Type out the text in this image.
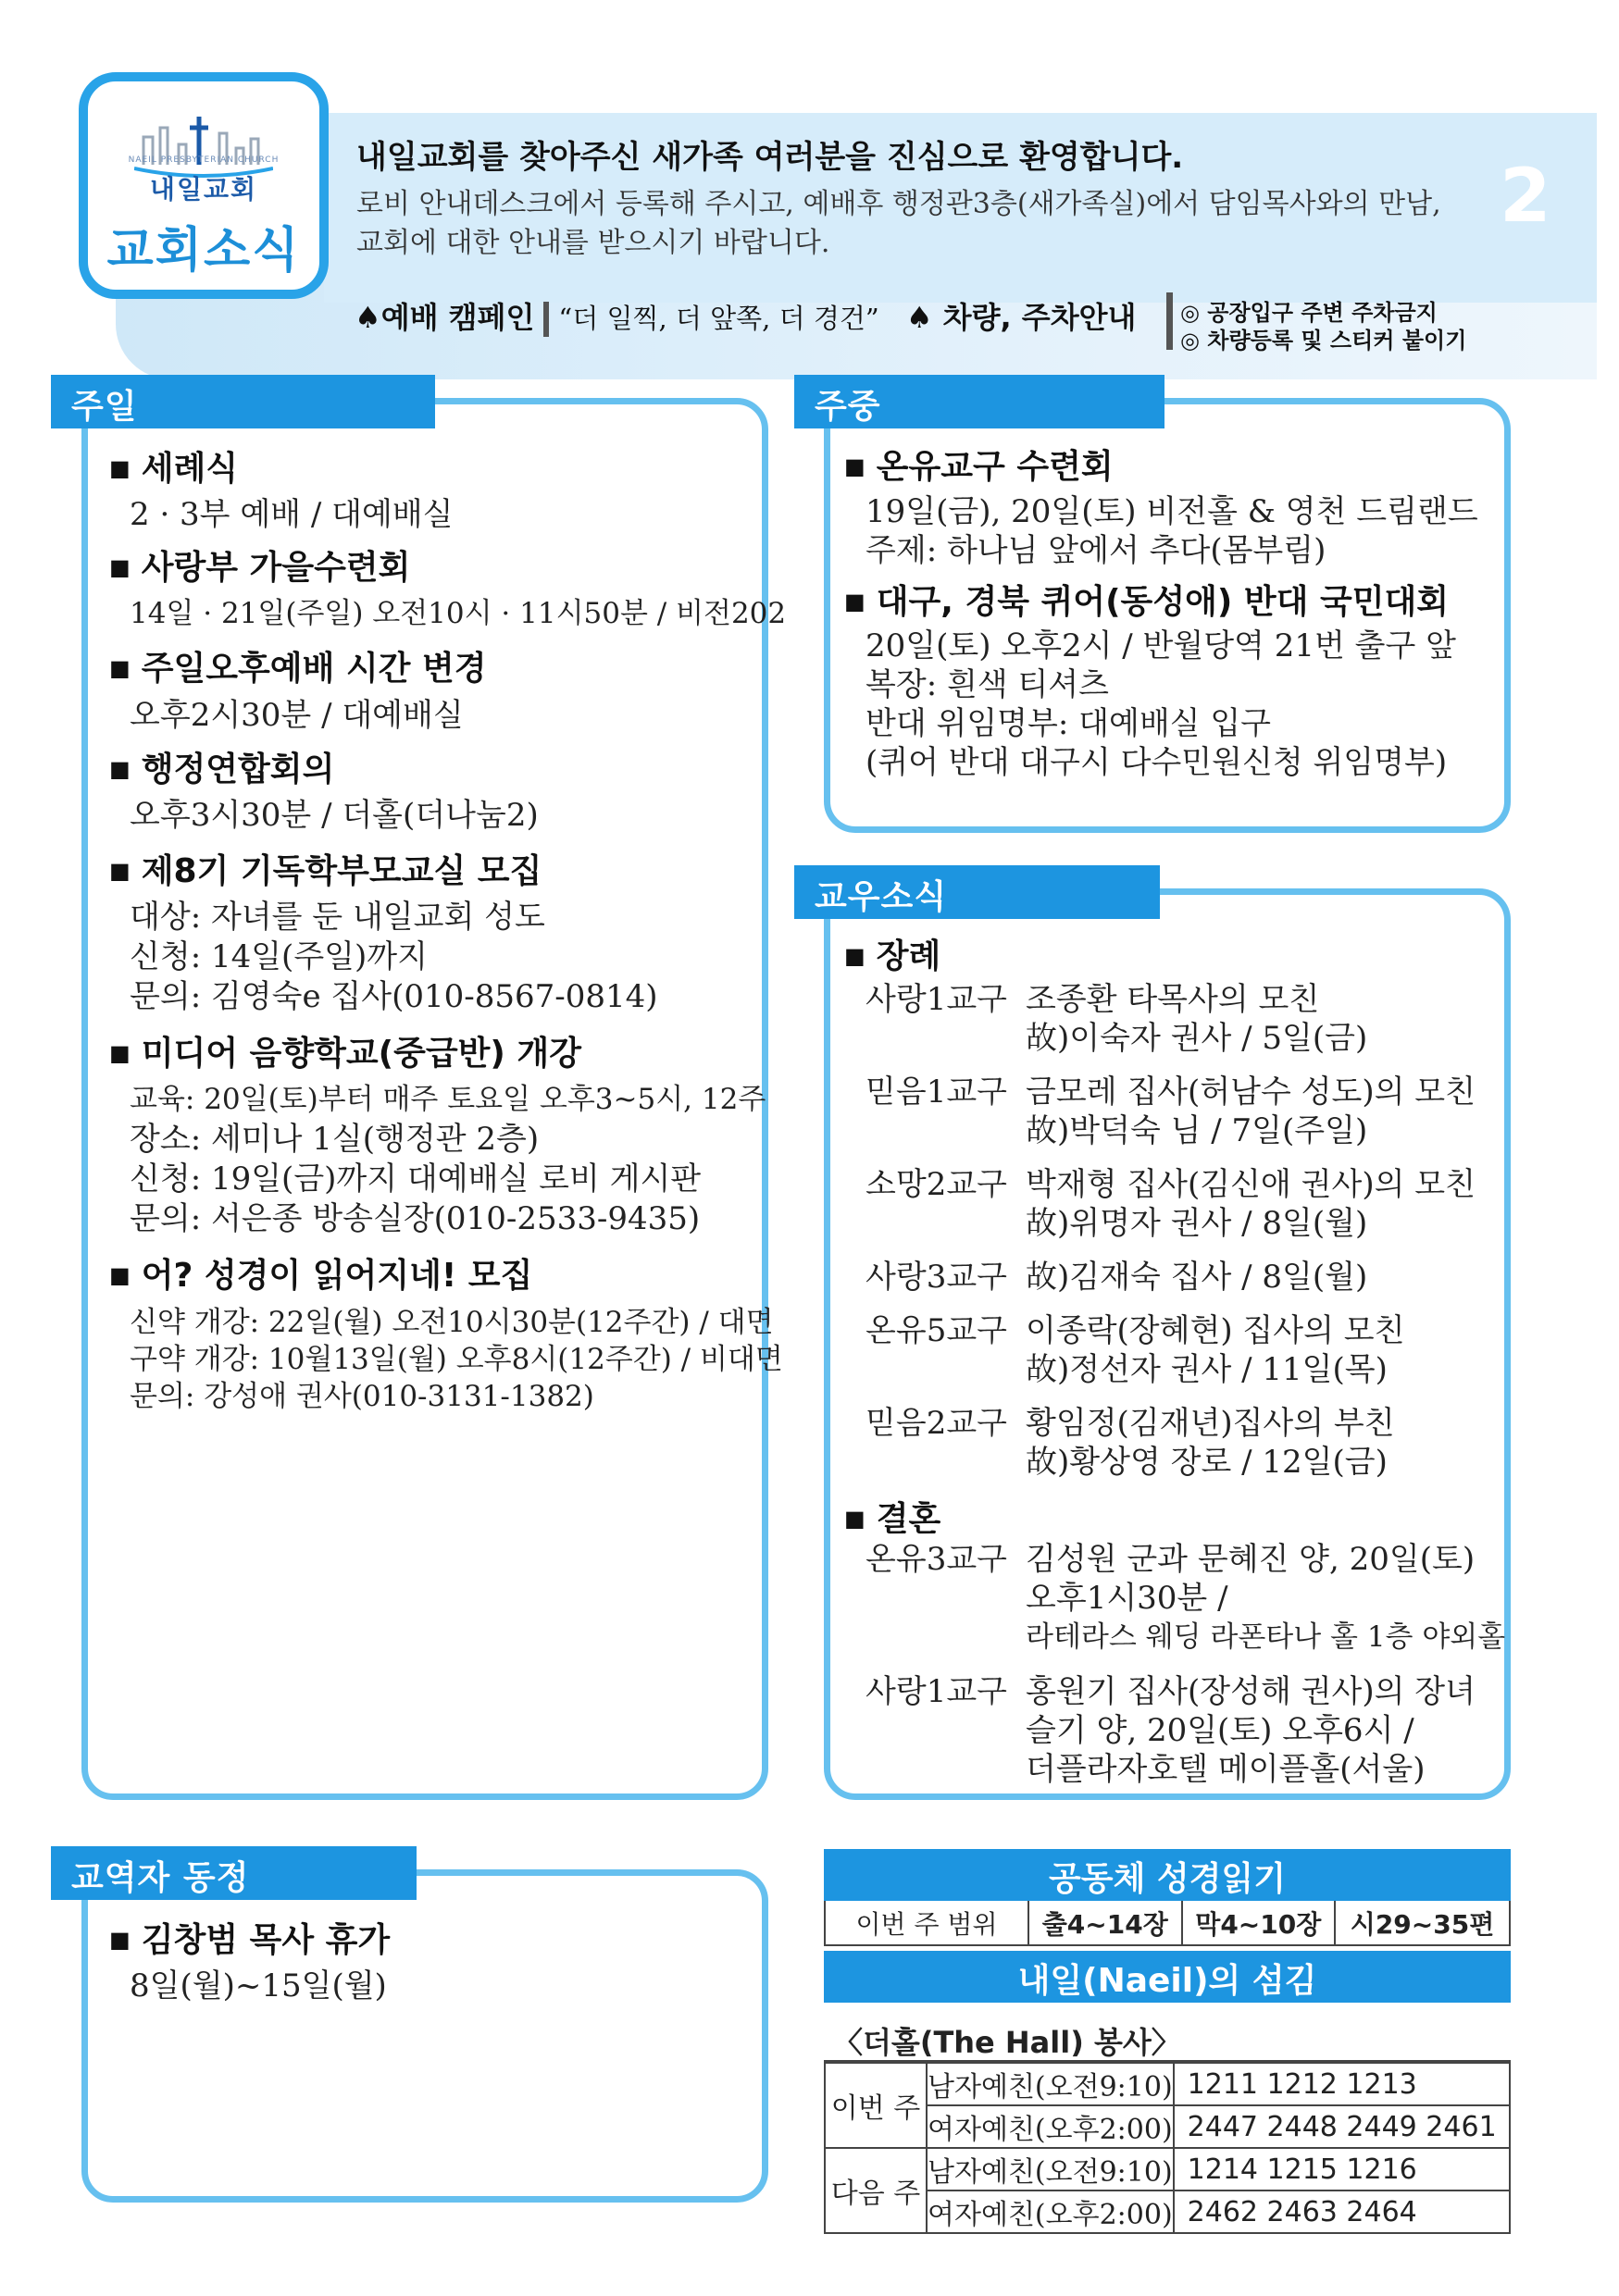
NAEIL PRESBYTERIAN CHURCH
내일교회
교회소식
내일교회를 찾아주신 새가족 여러분을 진심으로 환영합니다.
로비 안내데스크에서 등록해 주시고, 예배후 행정관3층(새가족실)에서 담임목사와의 만남,
교회에 대한 안내를 받으시기 바랍니다.
2
♠예배 캠페인 “더 일찍, 더 앞쪽, 더 경건” ♠ 차량, 주차안내 ◎ 공장입구 주변 주차금지
◎ 차량등록 및 스티커 붙이기
주일
■ 세례식
2 · 3부 예배 / 대예배실
■ 사랑부 가을수련회
14일 · 21일(주일) 오전10시 · 11시50분 / 비전202
■ 주일오후예배 시간 변경
오후2시30분 / 대예배실
■ 행정연합회의
오후3시30분 / 더홀(더나눔2)
■ 제8기 기독학부모교실 모집
대상: 자녀를 둔 내일교회 성도
신청: 14일(주일)까지
문의: 김영숙e 집사(010-8567-0814)
■ 미디어 음향학교(중급반) 개강
교육: 20일(토)부터 매주 토요일 오후3~5시, 12주
장소: 세미나 1실(행정관 2층)
신청: 19일(금)까지 대예배실 로비 게시판
문의: 서은종 방송실장(010-2533-9435)
■ 어? 성경이 읽어지네! 모집
신약 개강: 22일(월) 오전10시30분(12주간) / 대면
구약 개강: 10월13일(월) 오후8시(12주간) / 비대면
문의: 강성애 권사(010-3131-1382)
주중
■ 온유교구 수련회
19일(금), 20일(토) 비전홀 & 영천 드림랜드
주제: 하나님 앞에서 추다(몸부림)
■ 대구, 경북 퀴어(동성애) 반대 국민대회
20일(토) 오후2시 / 반월당역 21번 출구 앞
복장: 흰색 티셔츠
반대 위임명부: 대예배실 입구
(퀴어 반대 대구시 다수민원신청 위임명부)
교우소식
■ 장례
사랑1교구 조종환 타목사의 모친
故)이숙자 권사 / 5일(금)
믿음1교구 금모레 집사(허남수 성도)의 모친
故)박덕숙 님 / 7일(주일)
소망2교구 박재형 집사(김신애 권사)의 모친
故)위명자 권사 / 8일(월)
사랑3교구 故)김재숙 집사 / 8일(월)
온유5교구 이종락(장혜현) 집사의 모친
故)정선자 권사 / 11일(목)
믿음2교구 황임정(김재년)집사의 부친
故)황상영 장로 / 12일(금)
■ 결혼
온유3교구 김성원 군과 문혜진 양, 20일(토)
오후1시30분 /
라테라스 웨딩 라폰타나 홀 1층 야외홀
사랑1교구 홍원기 집사(장성해 권사)의 장녀
슬기 양, 20일(토) 오후6시 /
더플라자호텔 메이플홀(서울)
교역자 동정
■ 김창범 목사 휴가
8일(월)~15일(월)
공동체 성경읽기
이번 주 범위	출4~14장	막4~10장	시29~35편
내일(Naeil)의 섬김
〈더홀(The Hall) 봉사〉
이번 주	남자예친(오전9:10)	1211 1212 1213
	여자예친(오후2:00)	2447 2448 2449 2461
다음 주	남자예친(오전9:10)	1214 1215 1216
	여자예친(오후2:00)	2462 2463 2464
